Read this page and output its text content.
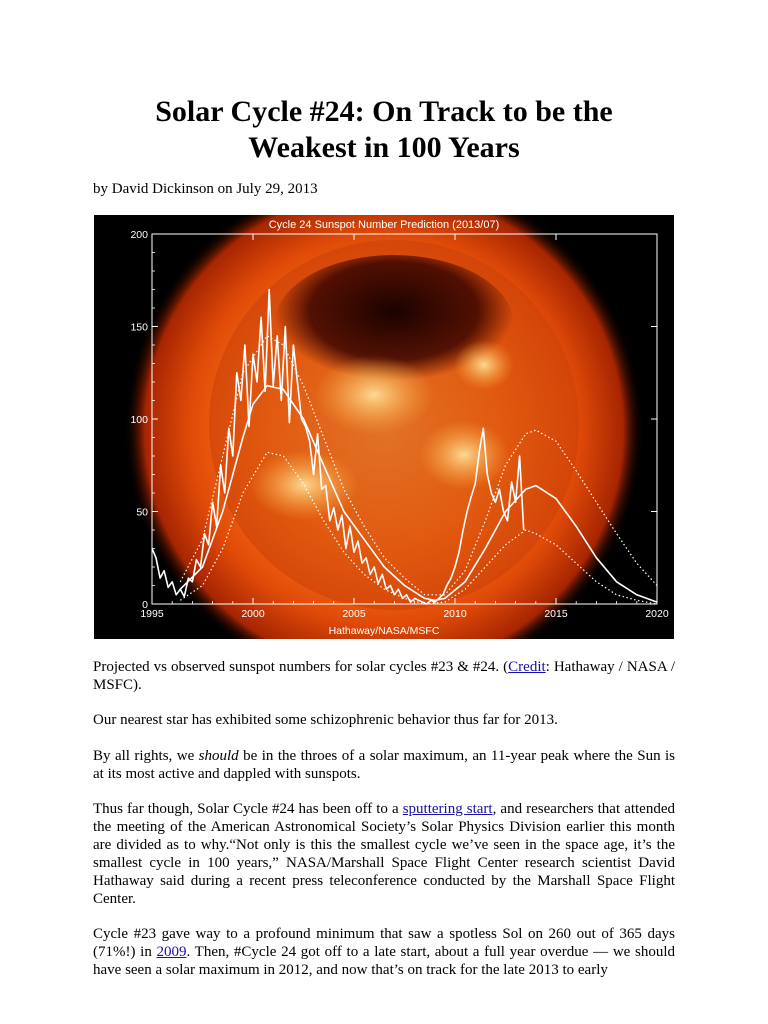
Solar Cycle #24: On Track to be the
Weakest in 100 Years
by David Dickinson on July 29, 2013
Cycle 24 Sunspot Number Prediction (2013/07)
Hathaway/NASA/MSFC
1995	2000	2005	2010	2015	2020
0
50
100
150
200

Projected vs observed sunspot numbers for solar cycles #23 & #24. (Credit: Hathaway / NASA / MSFC).

Our nearest star has exhibited some schizophrenic behavior thus far for 2013.

By all rights, we should be in the throes of a solar maximum, an 11-year peak where the Sun is at its most active and dappled with sunspots.

Thus far though, Solar Cycle #24 has been off to a sputtering start, and researchers that attended the meeting of the American Astronomical Society’s Solar Physics Division earlier this month are divided as to why.“Not only is this the smallest cycle we’ve seen in the space age, it’s the smallest cycle in 100 years,” NASA/Marshall Space Flight Center research scientist David Hathaway said during a recent press teleconference conducted by the Marshall Space Flight Center.

Cycle #23 gave way to a profound minimum that saw a spotless Sol on 260 out of 365 days (71%!) in 2009. Then, #Cycle 24 got off to a late start, about a full year overdue — we should have seen a solar maximum in 2012, and now that’s on track for the late 2013 to early
